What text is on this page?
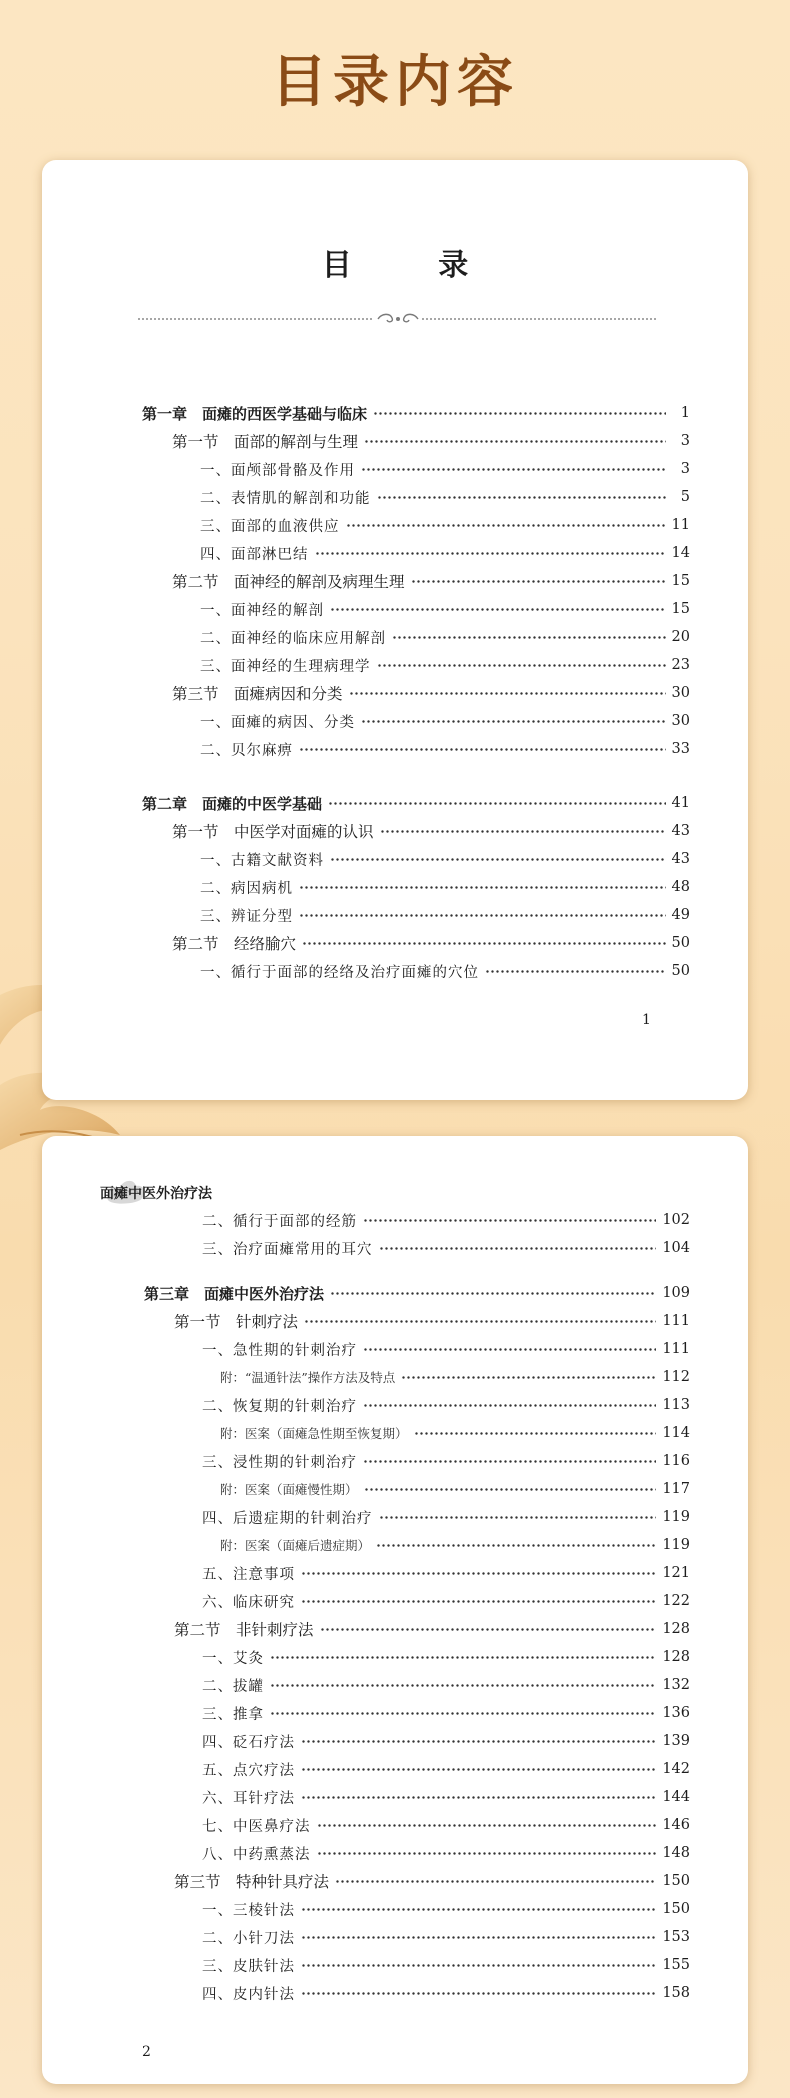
目录内容
目 录
第一章　面瘫的西医学基础与临床	1
第一节　面部的解剖与生理	3
一、面颅部骨骼及作用	3
二、表情肌的解剖和功能	5
三、面部的血液供应	11
四、面部淋巴结	14
第二节　面神经的解剖及病理生理	15
一、面神经的解剖	15
二、面神经的临床应用解剖	20
三、面神经的生理病理学	23
第三节　面瘫病因和分类	30
一、面瘫的病因、分类	30
二、贝尔麻痹	33
第二章　面瘫的中医学基础	41
第一节　中医学对面瘫的认识	43
一、古籍文献资料	43
二、病因病机	48
三、辨证分型	49
第二节　经络腧穴	50
一、循行于面部的经络及治疗面瘫的穴位	50
1
面瘫中医外治疗法
二、循行于面部的经筋	102
三、治疗面瘫常用的耳穴	104
第三章　面瘫中医外治疗法	109
第一节　针刺疗法	111
一、急性期的针刺治疗	111
附：“温通针法”操作方法及特点	112
二、恢复期的针刺治疗	113
附：医案（面瘫急性期至恢复期）	114
三、浸性期的针刺治疗	116
附：医案（面瘫慢性期）	117
四、后遗症期的针刺治疗	119
附：医案（面瘫后遗症期）	119
五、注意事项	121
六、临床研究	122
第二节　非针刺疗法	128
一、艾灸	128
二、拔罐	132
三、推拿	136
四、砭石疗法	139
五、点穴疗法	142
六、耳针疗法	144
七、中医鼻疗法	146
八、中药熏蒸法	148
第三节　特种针具疗法	150
一、三棱针法	150
二、小针刀法	153
三、皮肤针法	155
四、皮内针法	158
2
